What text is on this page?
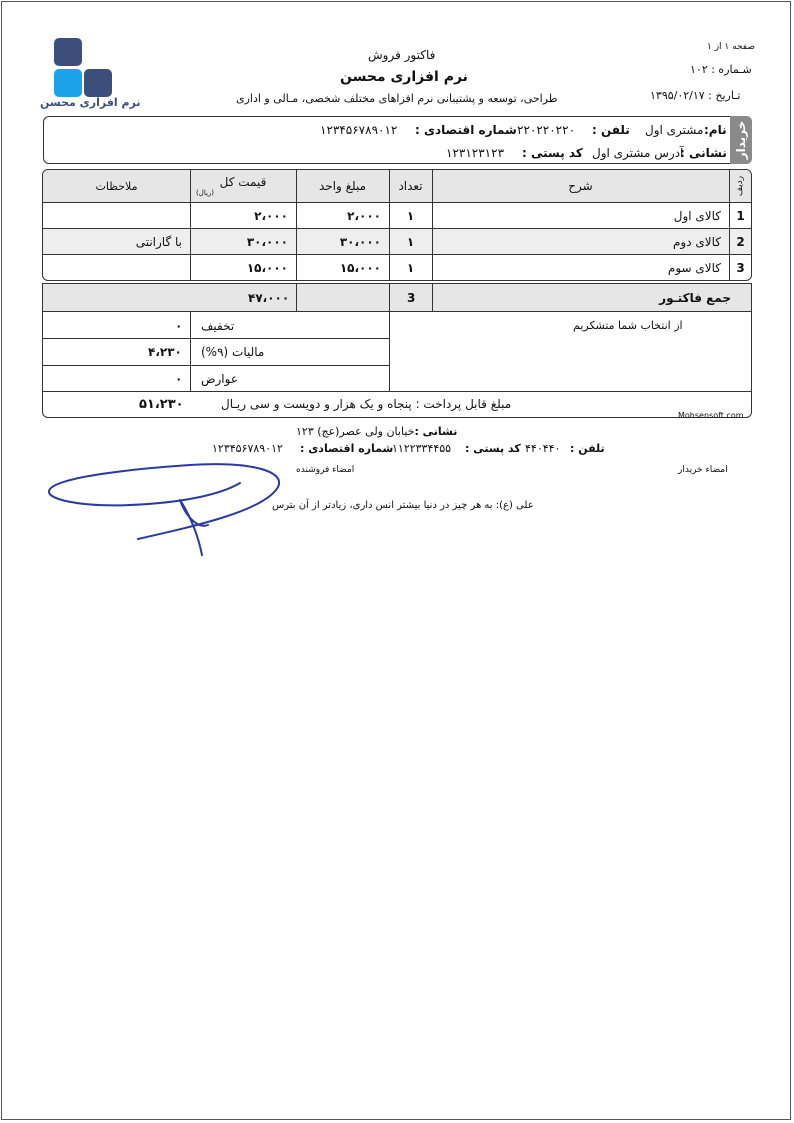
نرم افزاری محسن
فاکتور فروش
نرم افزاری محسن
طراحی، توسعه و پشتیبانی نرم افزاهای مختلف شخصی، مـالی و اداری
صفحه ۱ از ۱
شـماره : ۱۰۲
تـاریخ : ۱۳۹۵/۰۲/۱۷
خریدار
نام:
مشتری اول
تلفن :
۲۲۰۲۲۰۲۲۰
شماره اقتصادی :
۱۲۳۴۵۶۷۸۹۰۱۲
نشانی :
آدرس مشتری اول
کد پستی :
۱۲۳۱۲۳۱۲۳
ردیف
شرح
تعداد
مبلغ واحد
قیمت کل
(ریال)
ملاحظات
1
کالای اول
۱
۲،۰۰۰
۲،۰۰۰
2
کالای دوم
۱
۳۰،۰۰۰
۳۰،۰۰۰
با گارانتی
3
کالای سوم
۱
۱۵،۰۰۰
۱۵،۰۰۰
جمع فاکتـور
3
۴۷،۰۰۰
از انتخاب شما متشکریم
تخفیف
۰
مالیات (۹%)
۴،۲۳۰
عوارض
۰
مبلغ قابل پرداخت : پنجاه و یک هزار و دویست و سی ریـال
۵۱،۲۳۰
Mohsensoft.com
نشانی :خیابان ولی عصر(عج) ۱۲۳
تلفن :
۴۴۰۴۴۰
کد پستی :
۱۱۲۲۳۳۴۴۵۵
شماره اقتصادی :
۱۲۳۴۵۶۷۸۹۰۱۲
امضاء خریدار
امضاء فروشنده
علی (ع): به هر چیز در دنیا بیشتر انس داری، زیادتر از آن بترس
